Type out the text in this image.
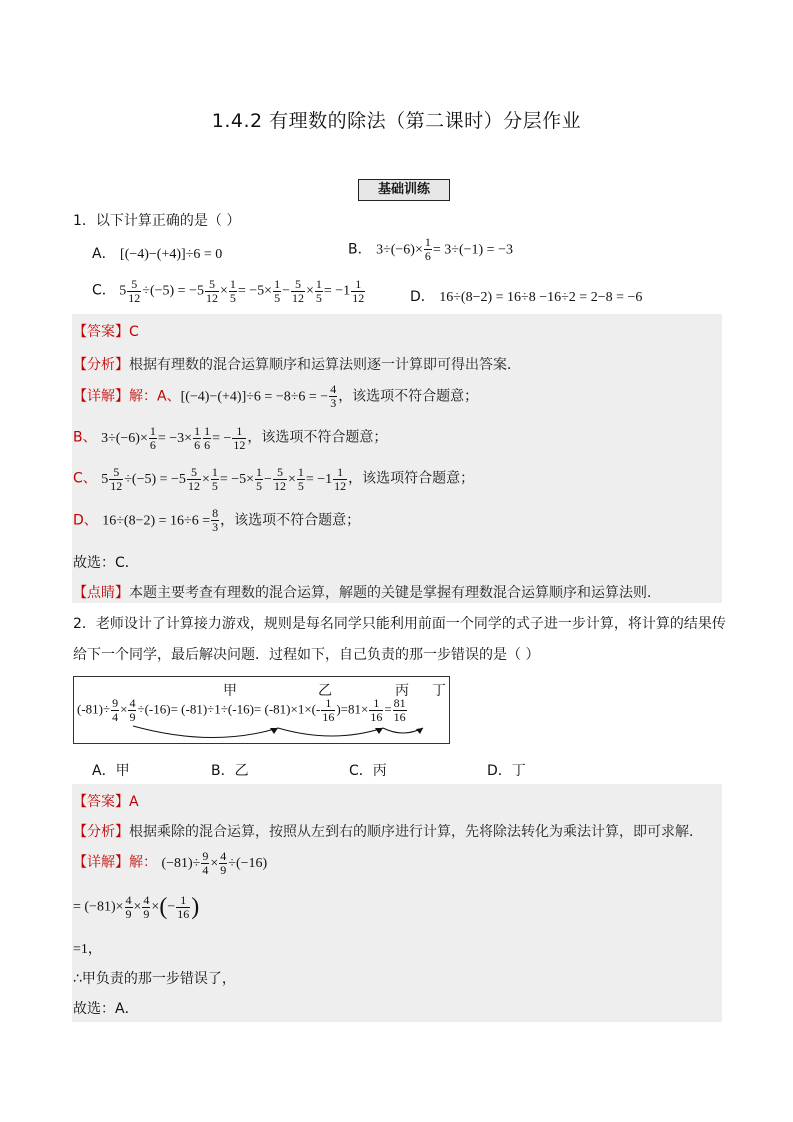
1.4.2 有理数的除法（第二课时）分层作业
基础训练
1．以下计算正确的是（ ）
A． [(−4)−(+4)]÷6 = 0	B． $3\div(-6)\times \frac{1}{6} = 3\div(-1) = -3$
C． $5 \frac{5}{12} \div(-5) = -5 \frac{5}{12} \times \frac{1}{5} = -5\times \frac{1}{5} - \frac{5}{12} \times \frac{1}{5} = -1 \frac{1}{12}$	D． 16÷(8−2) = 16÷8 −16÷2 = 2−8 = −6
【答案】C
【分析】根据有理数的混合运算顺序和运算法则逐一计算即可得出答案．
【详解】解：A、[(−4)−(+4)]÷6 = −8÷6 = − $\frac{4}{3}$ ，该选项不符合题意；
B、 $3\div(-6)\times \frac{1}{6} = -3\times \frac{1}{6} \frac{1}{6}$ = − $\frac{1}{12}$ ，该选项不符合题意；
C、 $5 \frac{5}{12} \div(-5) = -5 \frac{5}{12} \times \frac{1}{5} = -5\times \frac{1}{5} - \frac{5}{12} \times \frac{1}{5} = -1 \frac{1}{12}$ ，该选项符合题意；
D、 $16\div(8-2) = 16\div 6 = \frac{8}{3}$ ，该选项不符合题意；
故选：C．
【点睛】本题主要考查有理数的混合运算，解题的关键是掌握有理数混合运算顺序和运算法则．
2．老师设计了计算接力游戏，规则是每名同学只能利用前面一个同学的式子进一步计算，将计算的结果传
给下一个同学，最后解决问题．过程如下，自己负责的那一步错误的是（ ）
甲	乙	丙 丁
$(-81)\div \frac{9}{4} \times \frac{4}{9} \div(-16)= (-81)\div 1\div(-16)= (-81)\times 1\times(- \frac{1}{16} )=81\times \frac{1}{16} = \frac{81}{16}$
A．甲	B．乙	C．丙	D．丁
【答案】A
【分析】根据乘除的混合运算，按照从左到右的顺序进行计算，先将除法转化为乘法计算，即可求解．
【详解】解： $(-81)\div \frac{9}{4} \times \frac{4}{9} \div(-16)$
= $(-81)\times \frac{4}{9} \times \frac{4}{9}$ ×(− $\frac{1}{16}$ )
=1，
∴甲负责的那一步错误了，
故选：A．
